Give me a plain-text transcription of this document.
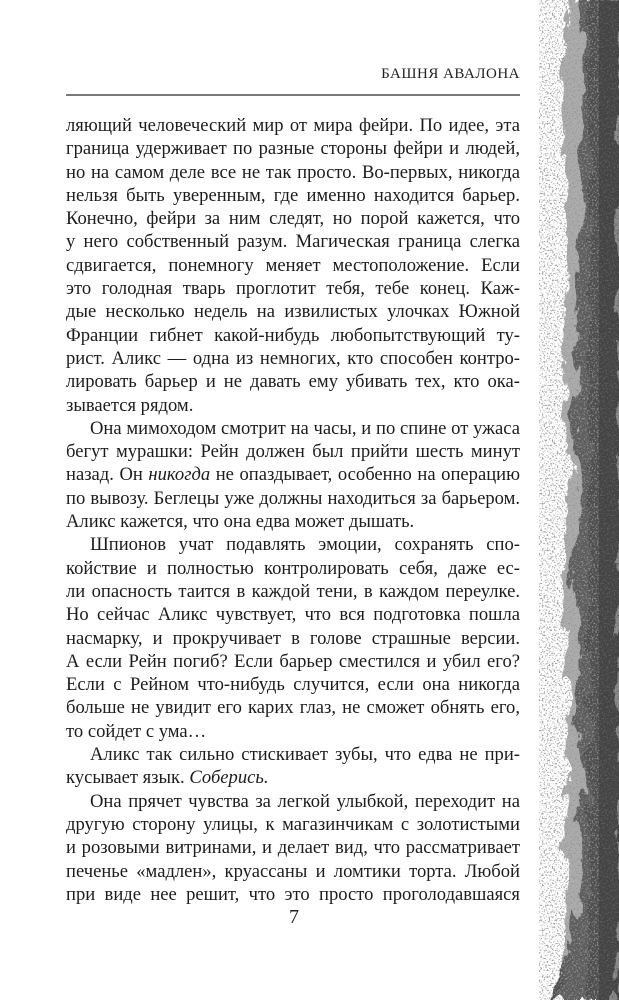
БАШНЯ АВАЛОНА
ляющий человеческий мир от мира фейри. По идее, эта
граница удерживает по разные стороны фейри и людей,
но на самом деле все не так просто. Во-первых, никогда
нельзя быть уверенным, где именно находится барьер.
Конечно, фейри за ним следят, но порой кажется, что
у него собственный разум. Магическая граница слегка
сдвигается, понемногу меняет местоположение. Если
это голодная тварь проглотит тебя, тебе конец. Каж-
дые несколько недель на извилистых улочках Южной
Франции гибнет какой-нибудь любопытствующий ту-
рист. Аликс — одна из немногих, кто способен контро-
лировать барьер и не давать ему убивать тех, кто ока-
зывается рядом.
Она мимоходом смотрит на часы, и по спине от ужаса
бегут мурашки: Рейн должен был прийти шесть минут
назад. Он никогда не опаздывает, особенно на операцию
по вывозу. Беглецы уже должны находиться за барьером.
Аликс кажется, что она едва может дышать.
Шпионов учат подавлять эмоции, сохранять спо-
койствие и полностью контролировать себя, даже ес-
ли опасность таится в каждой тени, в каждом переулке.
Но сейчас Аликс чувствует, что вся подготовка пошла
насмарку, и прокручивает в голове страшные версии.
А если Рейн погиб? Если барьер сместился и убил его?
Если с Рейном что-нибудь случится, если она никогда
больше не увидит его карих глаз, не сможет обнять его,
то сойдет с ума…
Аликс так сильно стискивает зубы, что едва не при-
кусывает язык. Соберись.
Она прячет чувства за легкой улыбкой, переходит на
другую сторону улицы, к магазинчикам с золотистыми
и розовыми витринами, и делает вид, что рассматривает
печенье «мадлен», круассаны и ломтики торта. Любой
при виде нее решит, что это просто проголодавшаяся
7
